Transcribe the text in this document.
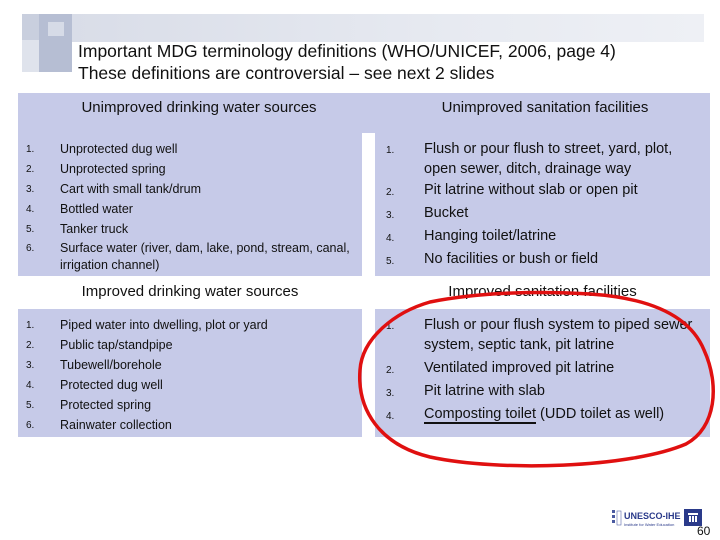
Important MDG terminology definitions (WHO/UNICEF, 2006, page 4)
These definitions are controversial – see next 2 slides
Unimproved drinking water sources
1. Unprotected dug well
2. Unprotected spring
3. Cart with small tank/drum
4. Bottled water
5. Tanker truck
6. Surface water (river, dam, lake, pond, stream, canal, irrigation channel)
Unimproved sanitation facilities
1. Flush or pour flush to street, yard, plot, open sewer, ditch, drainage way
2. Pit latrine without slab or open pit
3. Bucket
4. Hanging toilet/latrine
5. No facilities or bush or field
Improved drinking water sources
1. Piped water into dwelling, plot or yard
2. Public tap/standpipe
3. Tubewell/borehole
4. Protected dug well
5. Protected spring
6. Rainwater collection
Improved sanitation facilities
1. Flush or pour flush system to piped sewer system, septic tank, pit latrine
2. Ventilated improved pit latrine
3. Pit latrine with slab
4. Composting toilet (UDD toilet as well)
UNESCO-IHE
Institute for Water Education 60
